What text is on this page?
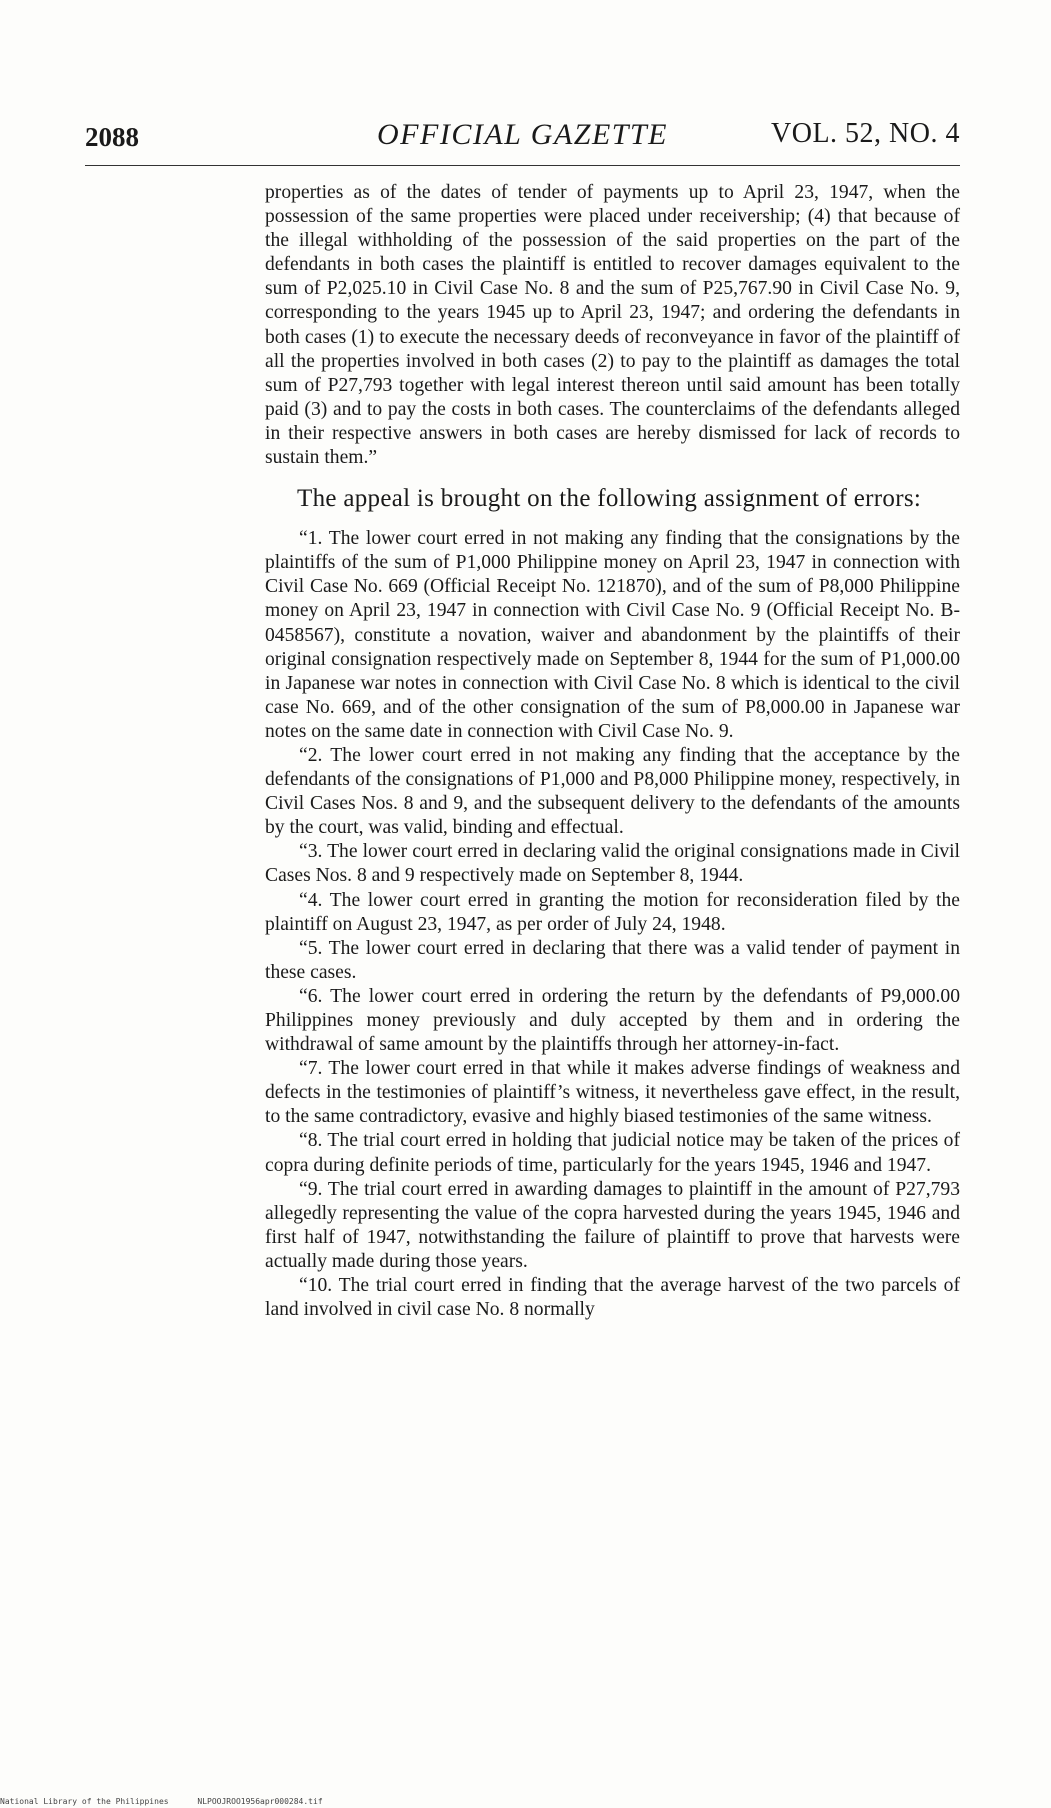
2088	OFFICIAL GAZETTE	VOL. 52, NO. 4

properties as of the dates of tender of payments up to April 23, 1947, when the possession of the same properties were placed under receivership; (4) that because of the illegal withholding of the possession of the said properties on the part of the defendants in both cases the plaintiff is entitled to recover damages equivalent to the sum of P2,025.10 in Civil Case No. 8 and the sum of P25,767.90 in Civil Case No. 9, corresponding to the years 1945 up to April 23, 1947; and ordering the defendants in both cases (1) to execute the necessary deeds of reconveyance in favor of the plaintiff of all the properties involved in both cases (2) to pay to the plaintiff as damages the total sum of P27,793 together with legal interest thereon until said amount has been totally paid (3) and to pay the costs in both cases. The counterclaims of the defendants alleged in their respective answers in both cases are hereby dismissed for lack of records to sustain them.”

The appeal is brought on the following assignment of errors:

“1. The lower court erred in not making any finding that the consignations by the plaintiffs of the sum of P1,000 Philippine money on April 23, 1947 in connection with Civil Case No. 669 (Official Receipt No. 121870), and of the sum of P8,000 Philippine money on April 23, 1947 in connection with Civil Case No. 9 (Official Receipt No. B-0458567), constitute a novation, waiver and abandonment by the plaintiffs of their original consignation respectively made on September 8, 1944 for the sum of P1,000.00 in Japanese war notes in connection with Civil Case No. 8 which is identical to the civil case No. 669, and of the other consignation of the sum of P8,000.00 in Japanese war notes on the same date in connection with Civil Case No. 9.

“2. The lower court erred in not making any finding that the acceptance by the defendants of the consignations of P1,000 and P8,000 Philippine money, respectively, in Civil Cases Nos. 8 and 9, and the subsequent delivery to the defendants of the amounts by the court, was valid, binding and effectual.

“3. The lower court erred in declaring valid the original consignations made in Civil Cases Nos. 8 and 9 respectively made on September 8, 1944.

“4. The lower court erred in granting the motion for reconsideration filed by the plaintiff on August 23, 1947, as per order of July 24, 1948.

“5. The lower court erred in declaring that there was a valid tender of payment in these cases.

“6. The lower court erred in ordering the return by the defendants of P9,000.00 Philippines money previously and duly accepted by them and in ordering the withdrawal of same amount by the plaintiffs through her attorney-in-fact.

“7. The lower court erred in that while it makes adverse findings of weakness and defects in the testimonies of plaintiff’s witness, it nevertheless gave effect, in the result, to the same contradictory, evasive and highly biased testimonies of the same witness.

“8. The trial court erred in holding that judicial notice may be taken of the prices of copra during definite periods of time, particularly for the years 1945, 1946 and 1947.

“9. The trial court erred in awarding damages to plaintiff in the amount of P27,793 allegedly representing the value of the copra harvested during the years 1945, 1946 and first half of 1947, notwithstanding the failure of plaintiff to prove that harvests were actually made during those years.

“10. The trial court erred in finding that the average harvest of the two parcels of land involved in civil case No. 8 normally

National Library of the Philippines	NLPOOJROO1956apr000284.tif
